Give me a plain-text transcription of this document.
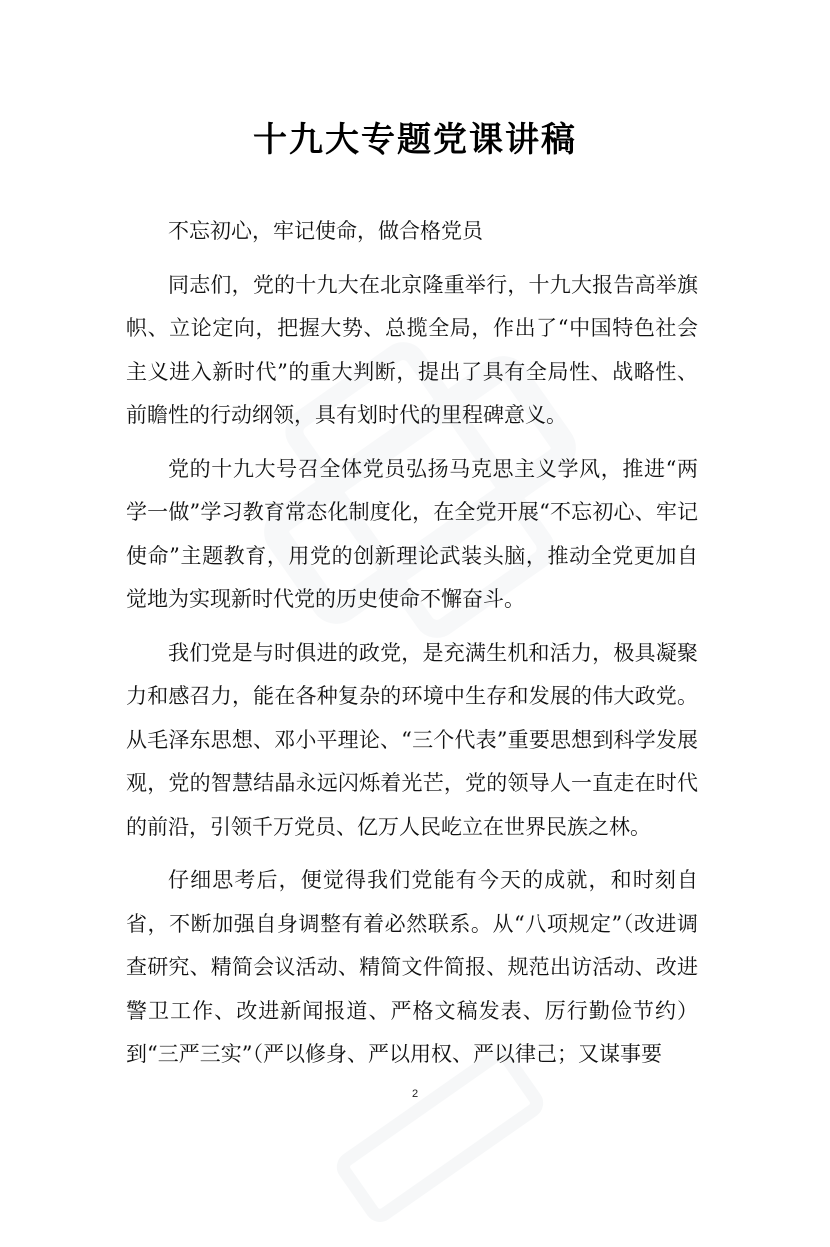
十九大专题党课讲稿

不忘初心，牢记使命，做合格党员

同志们，党的十九大在北京隆重举行，十九大报告高举旗帜、立论定向，把握大势、总揽全局，作出了“中国特色社会主义进入新时代”的重大判断，提出了具有全局性、战略性、前瞻性的行动纲领，具有划时代的里程碑意义。

党的十九大号召全体党员弘扬马克思主义学风，推进“两学一做”学习教育常态化制度化，在全党开展“不忘初心、牢记使命”主题教育，用党的创新理论武装头脑，推动全党更加自觉地为实现新时代党的历史使命不懈奋斗。

我们党是与时俱进的政党，是充满生机和活力，极具凝聚力和感召力，能在各种复杂的环境中生存和发展的伟大政党。从毛泽东思想、邓小平理论、“三个代表”重要思想到科学发展观，党的智慧结晶永远闪烁着光芒，党的领导人一直走在时代的前沿，引领千万党员、亿万人民屹立在世界民族之林。

仔细思考后，便觉得我们党能有今天的成就，和时刻自省，不断加强自身调整有着必然联系。从“八项规定”（改进调查研究、精简会议活动、精简文件简报、规范出访活动、改进警卫工作、改进新闻报道、严格文稿发表、厉行勤俭节约）到“三严三实”（严以修身、严以用权、严以律己；又谋事要

2
